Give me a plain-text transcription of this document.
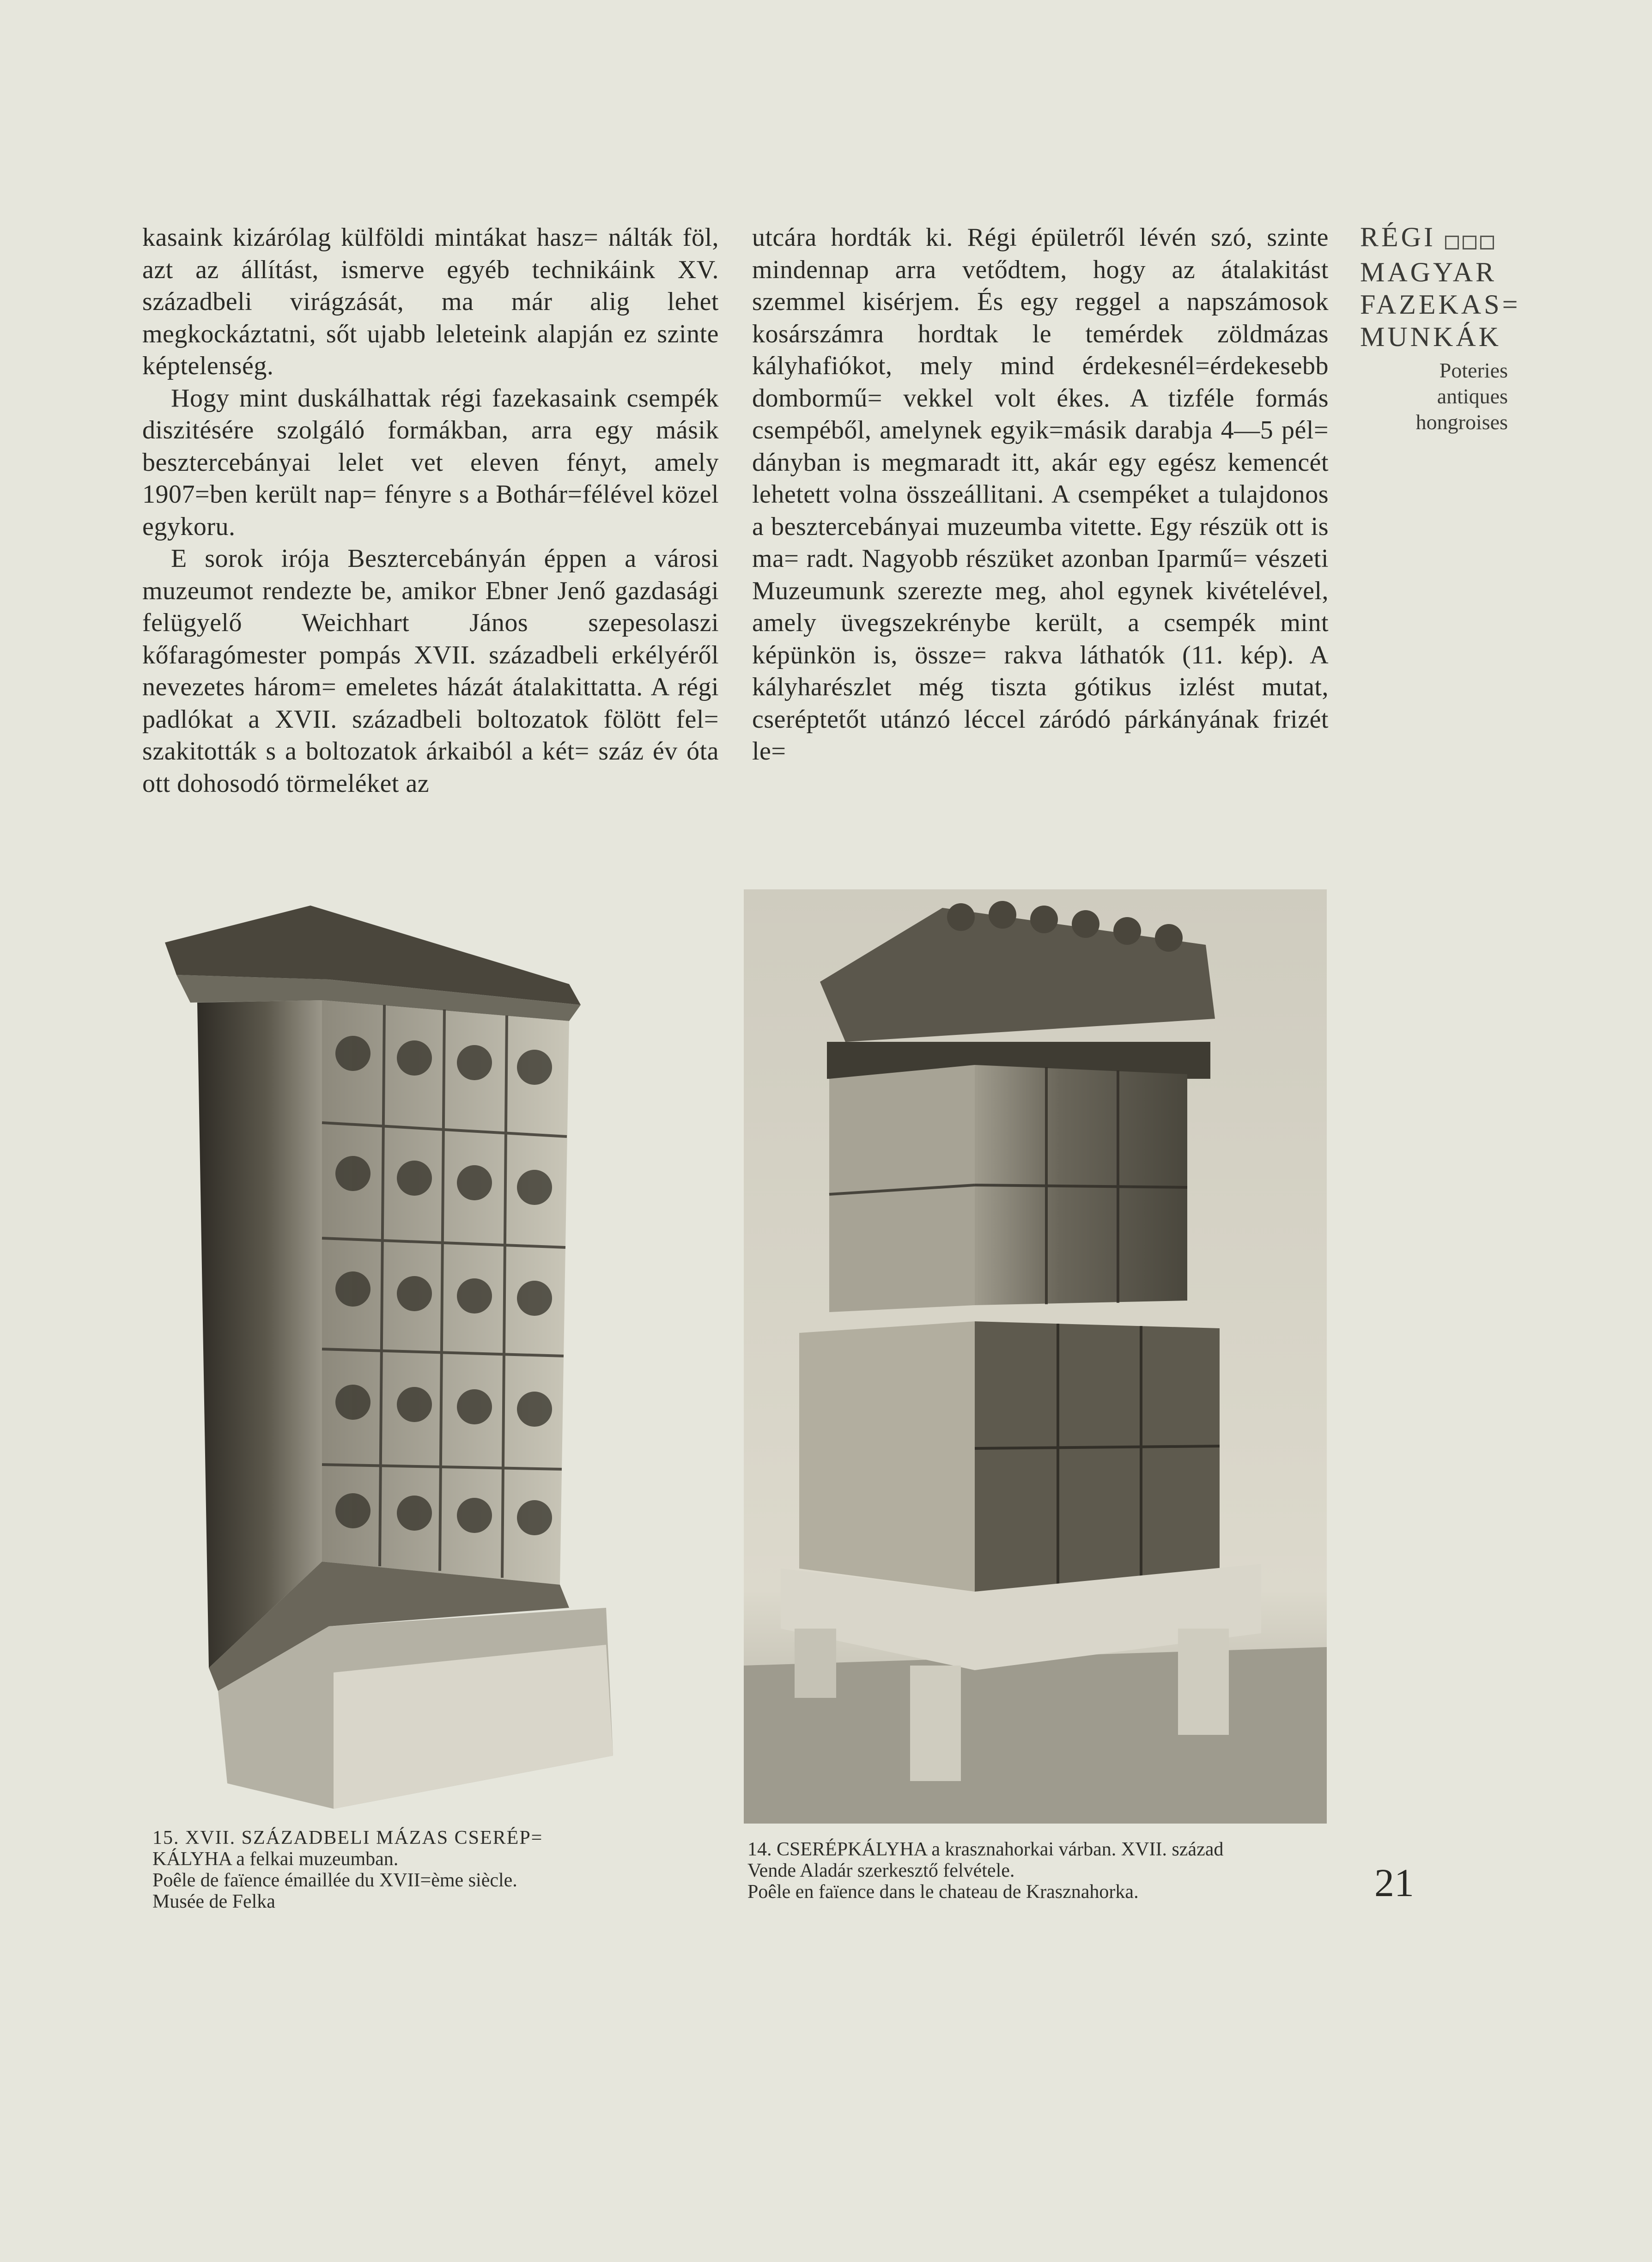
kasaink kizárólag külföldi mintákat hasz= nálták föl, azt az állítást, ismerve egyéb technikáink XV. századbeli virágzását, ma már alig lehet megkockáztatni, sőt ujabb leleteink alapján ez szinte képtelenség.

Hogy mint duskálhattak régi fazekasaink csempék diszitésére szolgáló formákban, arra egy másik besztercebányai lelet vet eleven fényt, amely 1907=ben került nap= fényre s a Bothár=félével közel egykoru.

E sorok irója Besztercebányán éppen a városi muzeumot rendezte be, amikor Ebner Jenő gazdasági felügyelő Weichhart János szepesolaszi kőfaragómester pompás XVII. századbeli erkélyéről nevezetes három= emeletes házát átalakittatta. A régi padlókat a XVII. századbeli boltozatok fölött fel= szakitották s a boltozatok árkaiból a két= száz év óta ott dohosodó törmeléket az

utcára hordták ki. Régi épületről lévén szó, szinte mindennap arra vetődtem, hogy az átalakitást szemmel kisérjem. És egy reggel a napszámosok kosárszámra hordtak le temérdek zöldmázas kályhafiókot, mely mind érdekesnél=érdekesebb dombormű= vekkel volt ékes. A tizféle formás csempéből, amelynek egyik=másik darabja 4—5 pél= dányban is megmaradt itt, akár egy egész kemencét lehetett volna összeállitani. A csempéket a tulajdonos a besztercebányai muzeumba vitette. Egy részük ott is ma= radt. Nagyobb részüket azonban Iparmű= vészeti Muzeumunk szerezte meg, ahol egynek kivételével, amely üvegszekrénybe került, a csempék mint képünkön is, össze= rakva láthatók (11. kép). A kályharészlet még tiszta gótikus izlést mutat, cseréptetőt utánzó léccel záródó párkányának frizét le=

RÉGI
MAGYAR
FAZEKAS=
MUNKÁK
Poteries
antiques
hongroises
15. XVII. SZÁZADBELI MÁZAS CSERÉP=
KÁLYHA a felkai muzeumban.
Poêle de faïence émaillée du XVII=ème siècle.
Musée de Felka
14. CSERÉPKÁLYHA a krasznahorkai várban. XVII. század
Vende Aladár szerkesztő felvétele.
Poêle en faïence dans le chateau de Krasznahorka.	21
